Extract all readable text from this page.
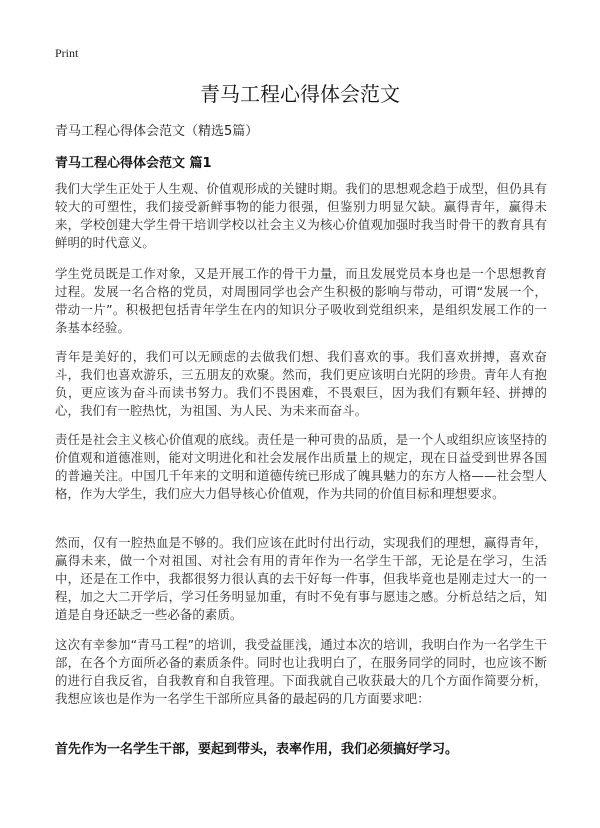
Print
青马工程心得体会范文
青马工程心得体会范文（精选5篇）
青马工程心得体会范文 篇1

我们大学生正处于人生观、价值观形成的关键时期。我们的思想观念趋于成型，但仍具有较大的可塑性，我们接受新鲜事物的能力很强，但鉴别力明显欠缺。赢得青年，赢得未来，学校创建大学生骨干培训学校以社会主义为核心价值观加强时我当时骨干的教育具有鲜明的时代意义。

学生党员既是工作对象，又是开展工作的骨干力量，而且发展党员本身也是一个思想教育过程。发展一名合格的党员，对周围同学也会产生积极的影响与带动，可谓“发展一个，带动一片”。积极把包括青年学生在内的知识分子吸收到党组织来，是组织发展工作的一条基本经验。

青年是美好的，我们可以无顾虑的去做我们想、我们喜欢的事。我们喜欢拼搏，喜欢奋斗，我们也喜欢游乐，三五朋友的欢聚。然而，我们更应该明白光阴的珍贵。青年人有抱负，更应该为奋斗而读书努力。我们不畏困难，不畏艰巨，因为我们有颗年轻、拼搏的心，我们有一腔热忱，为祖国、为人民、为未来而奋斗。

责任是社会主义核心价值观的底线。责任是一种可贵的品质，是一个人或组织应该坚持的价值观和道德准则，能对文明进化和社会发展作出质量上的规定，现在日益受到世界各国的普遍关注。中国几千年来的文明和道德传统已形成了魄具魅力的东方人格——社会型人格，作为大学生，我们应大力倡导核心价值观，作为共同的价值目标和理想要求。

然而，仅有一腔热血是不够的。我们应该在此时付出行动，实现我们的理想，赢得青年，赢得未来，做一个对祖国、对社会有用的青年作为一名学生干部，无论是在学习，生活中，还是在工作中，我都很努力很认真的去干好每一件事，但我毕竟也是刚走过大一的一程，加之大二开学后，学习任务明显加重，有时不免有事与愿违之感。分析总结之后，知道是自身还缺乏一些必备的素质。

这次有幸参加“青马工程”的培训，我受益匪浅，通过本次的培训，我明白作为一名学生干部，在各个方面所必备的素质条件。同时也让我明白了，在服务同学的同时，也应该不断的进行自我反省，自我教育和自我管理。下面我就自己收获最大的几个方面作简要分析，我想应该也是作为一名学生干部所应具备的最起码的几方面要求吧：

首先作为一名学生干部，要起到带头，表率作用，我们必须搞好学习。
